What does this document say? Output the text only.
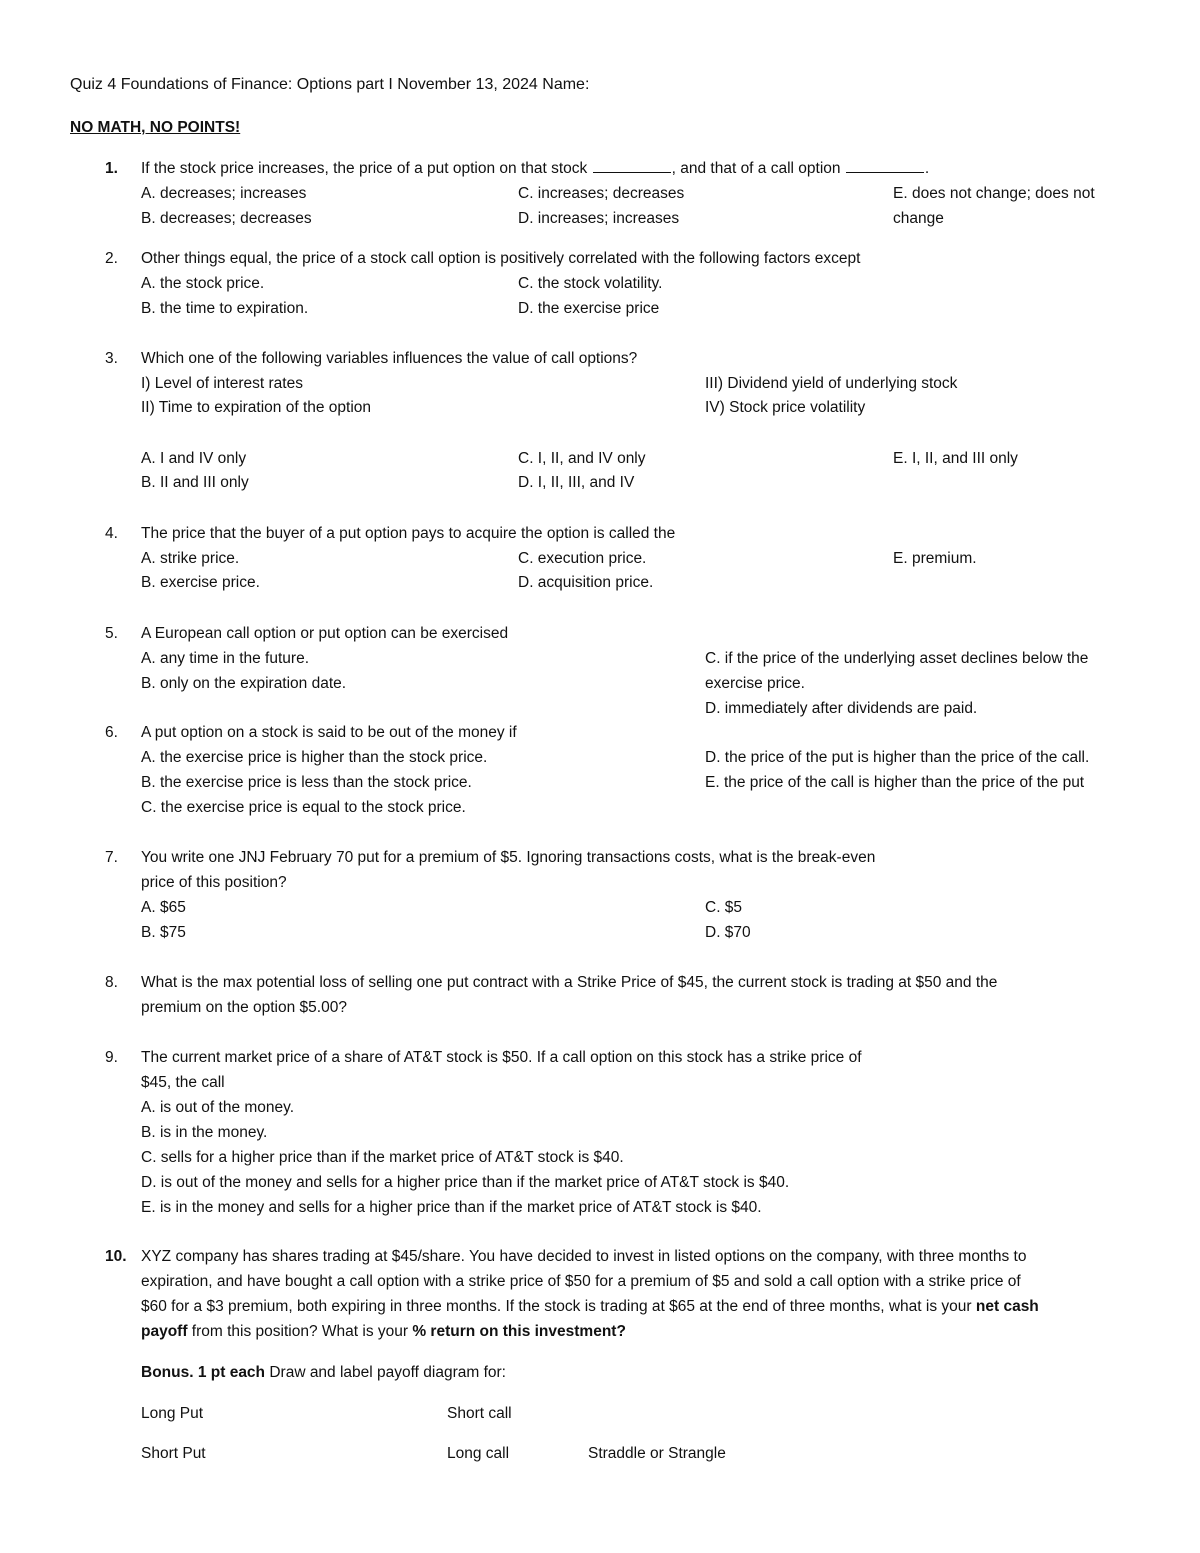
Quiz 4 Foundations of Finance: Options part I November 13, 2024 Name:
NO MATH, NO POINTS!
1. If the stock price increases, the price of a put option on that stock	, and that of a call option	.
A. decreases; increases
B. decreases; decreases
C. increases; decreases
D. increases; increases
E. does not change; does not
change
2. Other things equal, the price of a stock call option is positively correlated with the following factors except
A. the stock price.
B. the time to expiration.
C. the stock volatility.
D. the exercise price
3. Which one of the following variables influences the value of call options?
I) Level of interest rates
II) Time to expiration of the option
III) Dividend yield of underlying stock
IV) Stock price volatility
A. I and IV only
B. II and III only
C. I, II, and IV only
D. I, II, III, and IV
E. I, II, and III only
4. The price that the buyer of a put option pays to acquire the option is called the
A. strike price.
B. exercise price.
C. execution price.
D. acquisition price.
E. premium.
5. A European call option or put option can be exercised
A. any time in the future.
B. only on the expiration date.
C. if the price of the underlying asset declines below the
exercise price.
D. immediately after dividends are paid.
6. A put option on a stock is said to be out of the money if
A. the exercise price is higher than the stock price.
B. the exercise price is less than the stock price.
C. the exercise price is equal to the stock price.
D. the price of the put is higher than the price of the call.
E. the price of the call is higher than the price of the put
7. You write one JNJ February 70 put for a premium of $5. Ignoring transactions costs, what is the break-even
price of this position?
A. $65
B. $75
C. $5
D. $70
8. What is the max potential loss of selling one put contract with a Strike Price of $45, the current stock is trading at $50 and the
premium on the option $5.00?
9. The current market price of a share of AT&T stock is $50. If a call option on this stock has a strike price of
$45, the call
A. is out of the money.
B. is in the money.
C. sells for a higher price than if the market price of AT&T stock is $40.
D. is out of the money and sells for a higher price than if the market price of AT&T stock is $40.
E. is in the money and sells for a higher price than if the market price of AT&T stock is $40.
10. XYZ company has shares trading at $45/share. You have decided to invest in listed options on the company, with three months to
expiration, and have bought a call option with a strike price of $50 for a premium of $5 and sold a call option with a strike price of
$60 for a $3 premium, both expiring in three months. If the stock is trading at $65 at the end of three months, what is your net cash
payoff from this position? What is your % return on this investment?
Bonus. 1 pt each Draw and label payoff diagram for:
Long Put	Short call
Short Put	Long call	Straddle or Strangle
